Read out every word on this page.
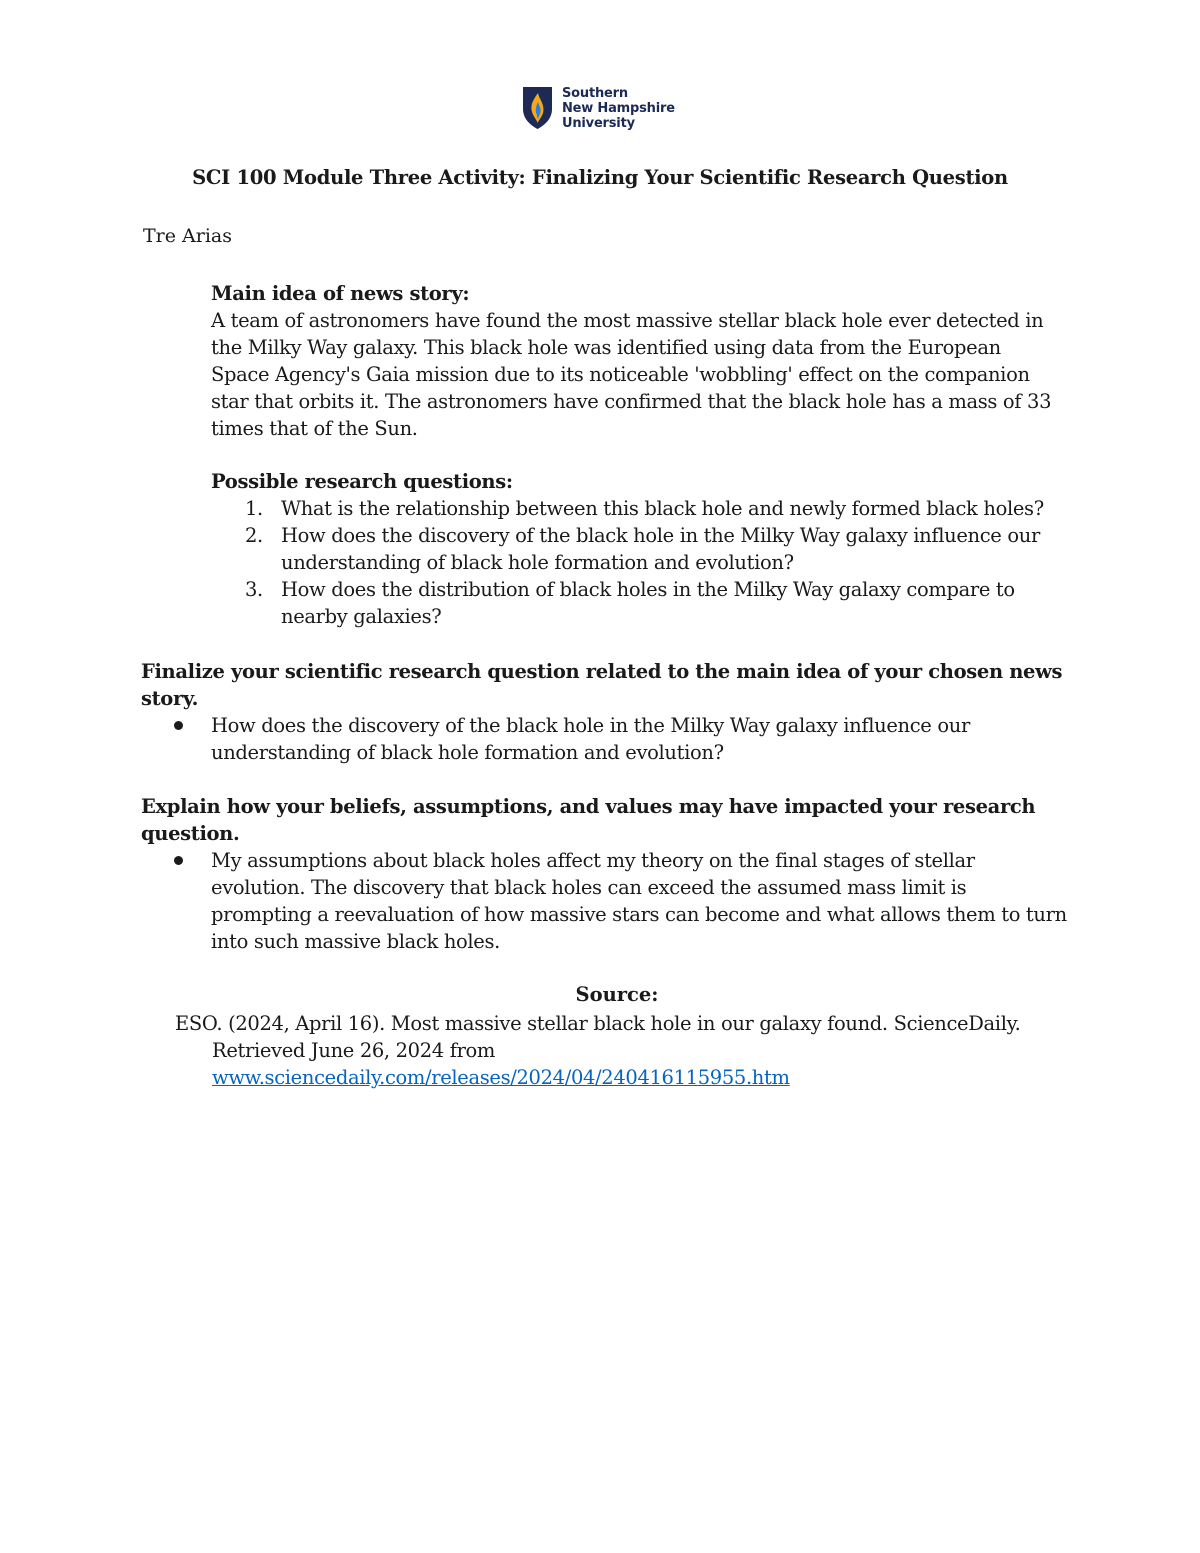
Southern
New Hampshire
University
SCI 100 Module Three Activity: Finalizing Your Scientific Research Question
Tre Arias
Main idea of news story:

A team of astronomers have found the most massive stellar black hole ever detected in

the Milky Way galaxy. This black hole was identified using data from the European

Space Agency's Gaia mission due to its noticeable 'wobbling' effect on the companion

star that orbits it. The astronomers have confirmed that the black hole has a mass of 33

times that of the Sun.

Possible research questions:
1. What is the relationship between this black hole and newly formed black holes?
2. How does the discovery of the black hole in the Milky Way galaxy influence our
understanding of black hole formation and evolution?
3. How does the distribution of black holes in the Milky Way galaxy compare to
nearby galaxies?
Finalize your scientific research question related to the main idea of your chosen news
story.
How does the discovery of the black hole in the Milky Way galaxy influence our
understanding of black hole formation and evolution?
Explain how your beliefs, assumptions, and values may have impacted your research
question.
My assumptions about black holes affect my theory on the final stages of stellar
evolution. The discovery that black holes can exceed the assumed mass limit is
prompting a reevaluation of how massive stars can become and what allows them to turn
into such massive black holes.
Source:
ESO. (2024, April 16). Most massive stellar black hole in our galaxy found. ScienceDaily.
Retrieved June 26, 2024 from
www.sciencedaily.com/releases/2024/04/240416115955.htm
